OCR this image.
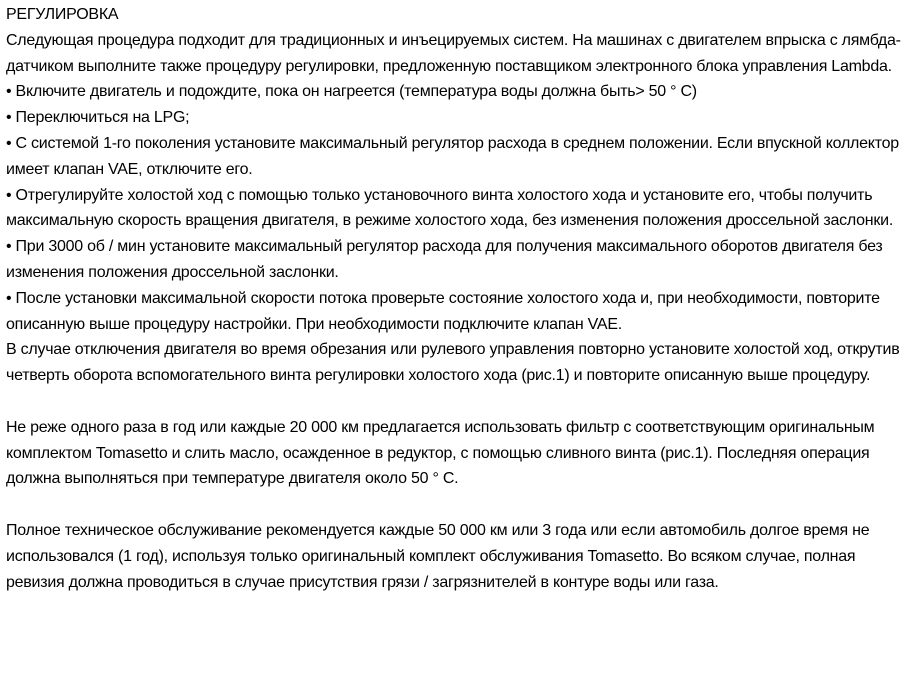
РЕГУЛИРОВКА

Следующая процедура подходит для традиционных и инъецируемых систем. На машинах с двигателем впрыска с лямбда-датчиком выполните также процедуру регулировки, предложенную поставщиком электронного блока управления Lambda.

• Включите двигатель и подождите, пока он нагреется (температура воды должна быть> 50 ° C)

• Переключиться на LPG;

• С системой 1-го поколения установите максимальный регулятор расхода в среднем положении. Если впускной коллектор имеет клапан VAE, отключите его.

• Отрегулируйте холостой ход с помощью только установочного винта холостого хода и установите его, чтобы получить максимальную скорость вращения двигателя, в режиме холостого хода, без изменения положения дроссельной заслонки.

• При 3000 об / мин установите максимальный регулятор расхода для получения максимального оборотов двигателя без изменения положения дроссельной заслонки.

• После установки максимальной скорости потока проверьте состояние холостого хода и, при необходимости, повторите описанную выше процедуру настройки. При необходимости подключите клапан VAE.

В случае отключения двигателя во время обрезания или рулевого управления повторно установите холостой ход, открутив четверть оборота вспомогательного винта регулировки холостого хода (рис.1) и повторите описанную выше процедуру.

Не реже одного раза в год или каждые 20 000 км предлагается использовать фильтр с соответствующим оригинальным комплектом Tomasetto и слить масло, осажденное в редуктор, с помощью сливного винта (рис.1). Последняя операция должна выполняться при температуре двигателя около 50 ° C.

Полное техническое обслуживание рекомендуется каждые 50 000 км или 3 года или если автомобиль долгое время не использовался (1 год), используя только оригинальный комплект обслуживания Tomasetto. Во всяком случае, полная ревизия должна проводиться в случае присутствия грязи / загрязнителей в контуре воды или газа.
